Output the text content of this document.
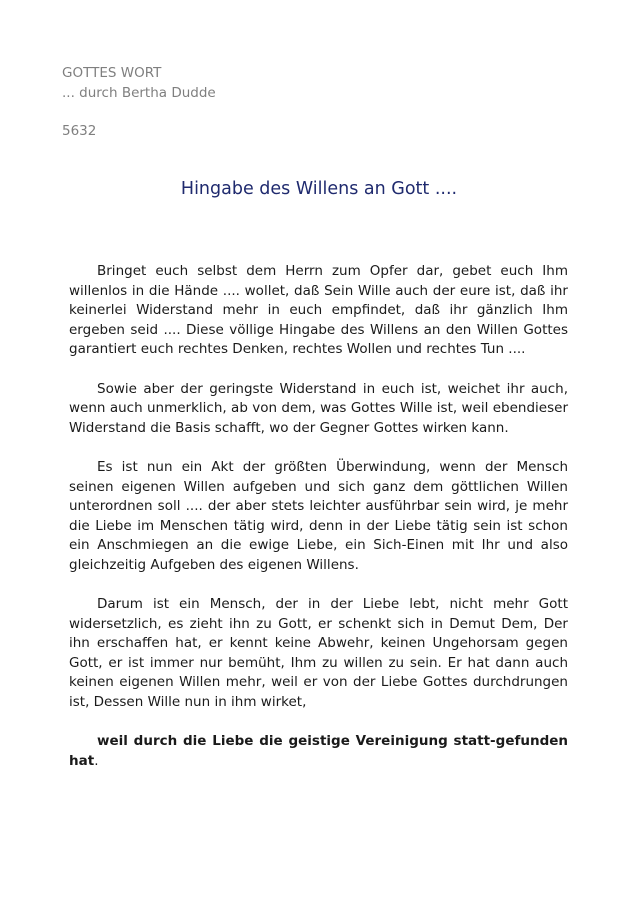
GOTTES WORT
... durch Bertha Dudde
5632
Hingabe des Willens an Gott ....

Bringet euch selbst dem Herrn zum Opfer dar, gebet euch Ihm willenlos in die Hände .... wollet, daß Sein Wille auch der eure ist, daß ihr keinerlei Widerstand mehr in euch empfindet, daß ihr gänzlich Ihm ergeben seid .... Diese völlige Hingabe des Willens an den Willen Gottes garantiert euch rechtes Denken, rechtes Wollen und rechtes Tun ....

Sowie aber der geringste Widerstand in euch ist, weichet ihr auch, wenn auch unmerklich, ab von dem, was Gottes Wille ist, weil ebendieser Widerstand die Basis schafft, wo der Gegner Gottes wirken kann.

Es ist nun ein Akt der größten Überwindung, wenn der Mensch seinen eigenen Willen aufgeben und sich ganz dem göttlichen Willen unterordnen soll .... der aber stets leichter ausführbar sein wird, je mehr die Liebe im Menschen tätig wird, denn in der Liebe tätig sein ist schon ein Anschmiegen an die ewige Liebe, ein Sich-Einen mit Ihr und also gleichzeitig Aufgeben des eigenen Willens.

Darum ist ein Mensch, der in der Liebe lebt, nicht mehr Gott widersetzlich, es zieht ihn zu Gott, er schenkt sich in Demut Dem, Der ihn erschaffen hat, er kennt keine Abwehr, keinen Ungehorsam gegen Gott, er ist immer nur bemüht, Ihm zu willen zu sein. Er hat dann auch keinen eigenen Willen mehr, weil er von der Liebe Gottes durchdrungen ist, Dessen Wille nun in ihm wirket,

weil durch die Liebe die geistige Vereinigung statt-gefunden hat.
